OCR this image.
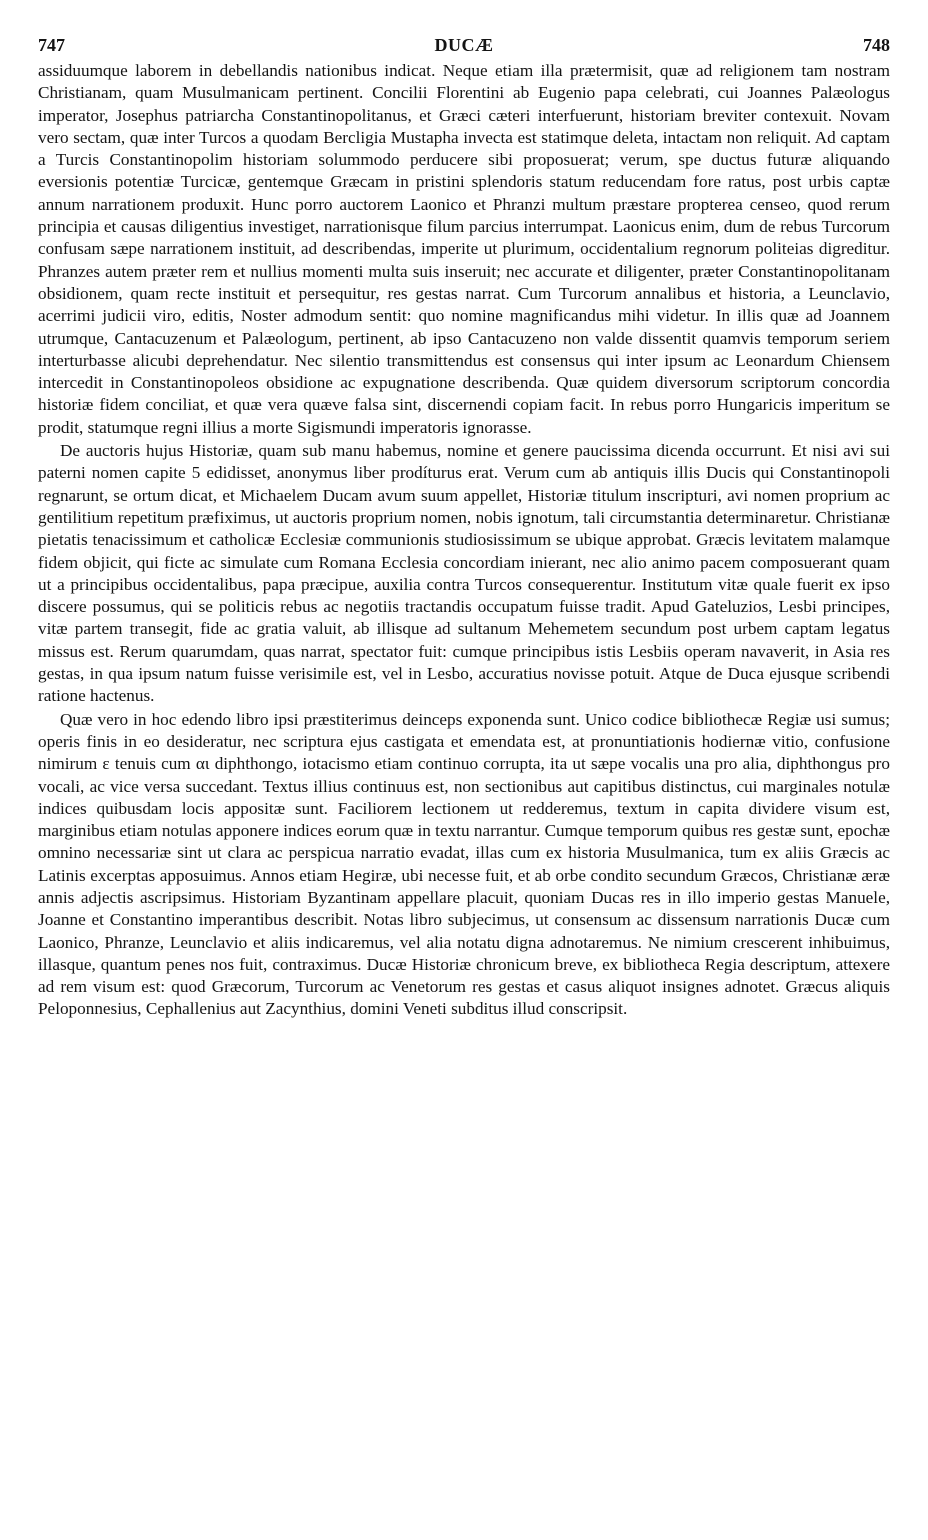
747	DUCÆ	748

assiduumque laborem in debellandis nationibus indicat. Neque etiam illa prætermisit, quæ ad religionem tam nostram Christianam, quam Musulmanicam pertinent. Concilii Florentini ab Eugenio papa celebrati, cui Joannes Palæologus imperator, Josephus patriarcha Constantinopolitanus, et Græci cæteri interfuerunt, historiam breviter contexuit. Novam vero sectam, quæ inter Turcos a quodam Bercligia Mustapha invecta est statimque deleta, intactam non reliquit. Ad captam a Turcis Constantinopolim historiam solummodo perducere sibi proposuerat; verum, spe ductus futuræ aliquando eversionis potentiæ Turcicæ, gentemque Græcam in pristini splendoris statum reducendam fore ratus, post urbis captæ annum narrationem produxit. Hunc porro auctorem Laonico et Phranzi multum præstare propterea censeo, quod rerum principia et causas diligentius investiget, narrationisque filum parcius interrumpat. Laonicus enim, dum de rebus Turcorum confusam sæpe narrationem instituit, ad describendas, imperite ut plurimum, occidentalium regnorum politeias digreditur. Phranzes autem præter rem et nullius momenti multa suis inseruit; nec accurate et diligenter, præter Constantinopolitanam obsidionem, quam recte instituit et persequitur, res gestas narrat. Cum Turcorum annalibus et historia, a Leunclavio, acerrimi judicii viro, editis, Noster admodum sentit: quo nomine magnificandus mihi videtur. In illis quæ ad Joannem utrumque, Cantacuzenum et Palæologum, pertinent, ab ipso Cantacuzeno non valde dissentit quamvis temporum seriem interturbasse alicubi deprehendatur. Nec silentio transmittendus est consensus qui inter ipsum ac Leonardum Chiensem intercedit in Constantinopoleos obsidione ac expugnatione describenda. Quæ quidem diversorum scriptorum concordia historiæ fidem conciliat, et quæ vera quæve falsa sint, discernendi copiam facit. In rebus porro Hungaricis imperitum se prodit, statumque regni illius a morte Sigismundi imperatoris ignorasse.

De auctoris hujus Historiæ, quam sub manu habemus, nomine et genere paucissima dicenda occurrunt. Et nisi avi sui paterni nomen capite 5 edidisset, anonymus liber prodíturus erat. Verum cum ab antiquis illis Ducis qui Constantinopoli regnarunt, se ortum dicat, et Michaelem Ducam avum suum appellet, Historiæ titulum inscripturi, avi nomen proprium ac gentilitium repetitum præfiximus, ut auctoris proprium nomen, nobis ignotum, tali circumstantia determinaretur. Christianæ pietatis tenacissimum et catholicæ Ecclesiæ communionis studiosissimum se ubique approbat. Græcis levitatem malamque fidem objicit, qui ficte ac simulate cum Romana Ecclesia concordiam inierant, nec alio animo pacem composuerant quam ut a principibus occidentalibus, papa præcipue, auxilia contra Turcos consequerentur. Institutum vitæ quale fuerit ex ipso discere possumus, qui se politicis rebus ac negotiis tractandis occupatum fuisse tradit. Apud Gateluzios, Lesbi principes, vitæ partem transegit, fide ac gratia valuit, ab illisque ad sultanum Mehemetem secundum post urbem captam legatus missus est. Rerum quarumdam, quas narrat, spectator fuit: cumque principibus istis Lesbiis operam navaverit, in Asia res gestas, in qua ipsum natum fuisse verisimile est, vel in Lesbo, accuratius novisse potuit. Atque de Duca ejusque scribendi ratione hactenus.

Quæ vero in hoc edendo libro ipsi præstiterimus deinceps exponenda sunt. Unico codice bibliothecæ Regiæ usi sumus; operis finis in eo desideratur, nec scriptura ejus castigata et emendata est, at pronuntiationis hodiernæ vitio, confusione nimirum ε tenuis cum αι diphthongo, iotacismo etiam continuo corrupta, ita ut sæpe vocalis una pro alia, diphthongus pro vocali, ac vice versa succedant. Textus illius continuus est, non sectionibus aut capitibus distinctus, cui marginales notulæ indices quibusdam locis appositæ sunt. Faciliorem lectionem ut redderemus, textum in capita dividere visum est, marginibus etiam notulas apponere indices eorum quæ in textu narrantur. Cumque temporum quibus res gestæ sunt, epochæ omnino necessariæ sint ut clara ac perspicua narratio evadat, illas cum ex historia Musulmanica, tum ex aliis Græcis ac Latinis excerptas apposuimus. Annos etiam Hegiræ, ubi necesse fuit, et ab orbe condito secundum Græcos, Christianæ æræ annis adjectis ascripsimus. Historiam Byzantinam appellare placuit, quoniam Ducas res in illo imperio gestas Manuele, Joanne et Constantino imperantibus describit. Notas libro subjecimus, ut consensum ac dissensum narrationis Ducæ cum Laonico, Phranze, Leunclavio et aliis indicaremus, vel alia notatu digna adnotaremus. Ne nimium crescerent inhibuimus, illasque, quantum penes nos fuit, contraximus. Ducæ Historiæ chronicum breve, ex bibliotheca Regia descriptum, attexere ad rem visum est: quod Græcorum, Turcorum ac Venetorum res gestas et casus aliquot insignes adnotet. Græcus aliquis Peloponnesius, Cephallenius aut Zacynthius, domini Veneti subditus illud conscripsit.
